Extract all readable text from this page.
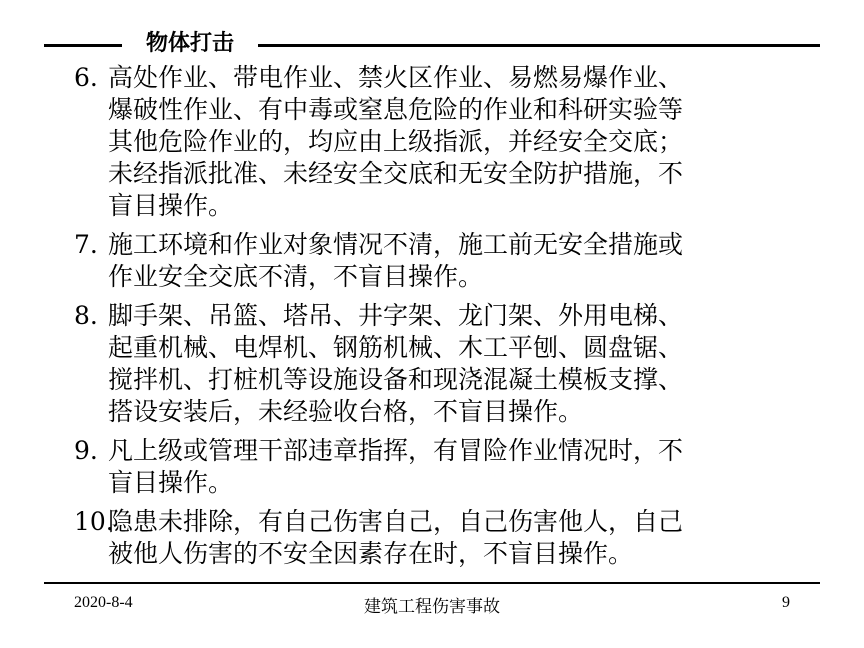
物体打击
6. 高处作业、带电作业、禁火区作业、易燃易爆作业、
爆破性作业、有中毒或窒息危险的作业和科研实验等
其他危险作业的，均应由上级指派，并经安全交底；
未经指派批准、未经安全交底和无安全防护措施，不
盲目操作。
7. 施工环境和作业对象情况不清，施工前无安全措施或
作业安全交底不清，不盲目操作。
8. 脚手架、吊篮、塔吊、井字架、龙门架、外用电梯、
起重机械、电焊机、钢筋机械、木工平刨、圆盘锯、
搅拌机、打桩机等设施设备和现浇混凝土模板支撑、
搭设安装后，未经验收台格，不盲目操作。
9. 凡上级或管理干部违章指挥，有冒险作业情况时，不
盲目操作。
10.
隐患未排除，有自己伤害自己，自己伤害他人，自己
被他人伤害的不安全因素存在时，不盲目操作。
2020-8-4	建筑工程伤害事故	9
